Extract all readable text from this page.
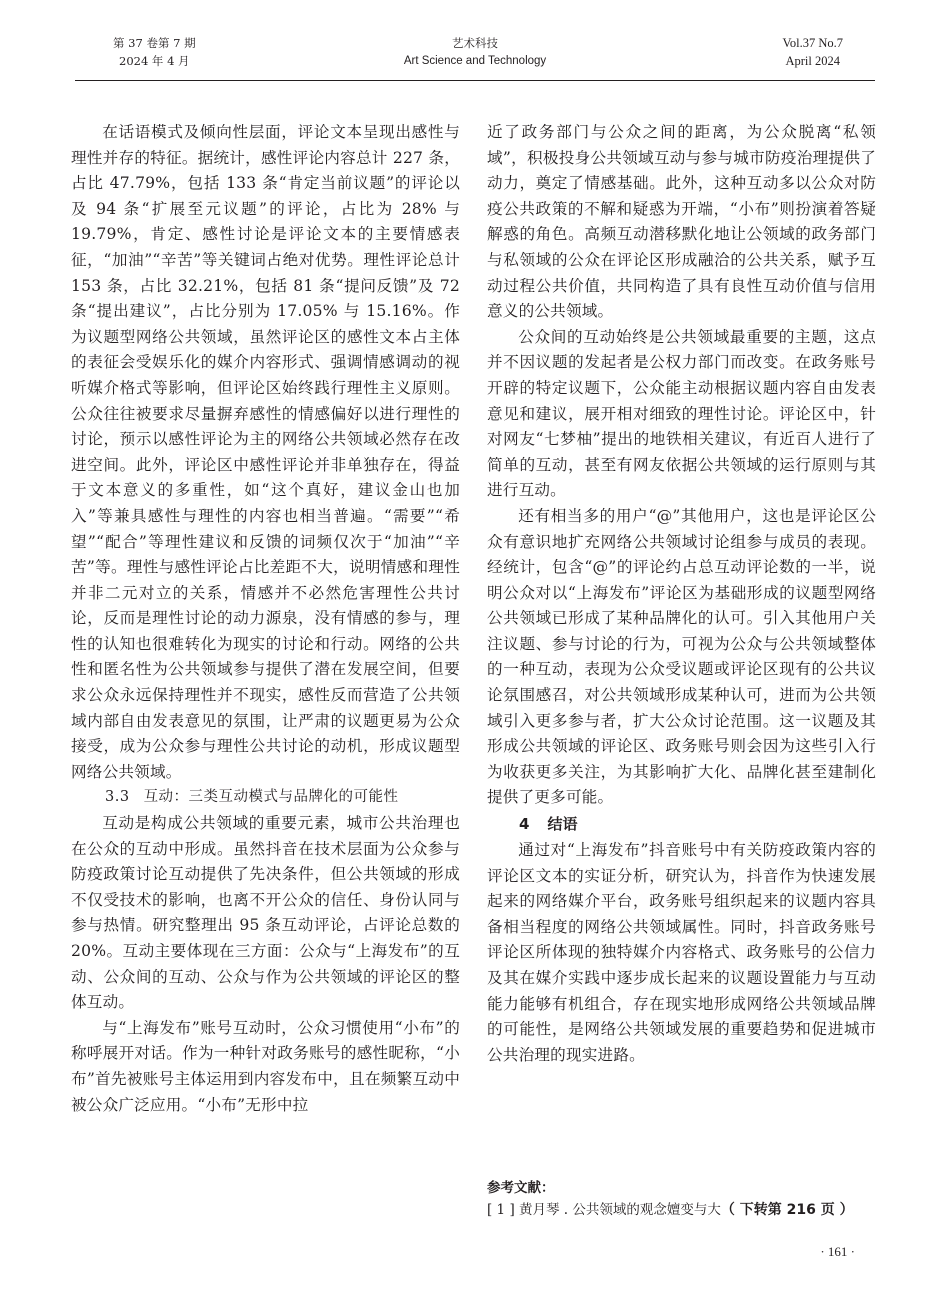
第 37 卷第 7 期
2024 年 4 月
艺术科技
Art Science and Technology
Vol.37 No.7
April 2024

在话语模式及倾向性层面，评论文本呈现出感性与理性并存的特征。据统计，感性评论内容总计 227 条，占比 47.79%，包括 133 条“肯定当前议题”的评论以及 94 条“扩展至元议题”的评论，占比为 28% 与 19.79%，肯定、感性讨论是评论文本的主要情感表征，“加油”“辛苦”等关键词占绝对优势。理性评论总计 153 条，占比 32.21%，包括 81 条“提问反馈”及 72 条“提出建议”，占比分别为 17.05% 与 15.16%。作为议题型网络公共领域，虽然评论区的感性文本占主体的表征会受娱乐化的媒介内容形式、强调情感调动的视听媒介格式等影响，但评论区始终践行理性主义原则。公众往往被要求尽量摒弃感性的情感偏好以进行理性的讨论，预示以感性评论为主的网络公共领域必然存在改进空间。此外，评论区中感性评论并非单独存在，得益于文本意义的多重性，如“这个真好，建议金山也加入”等兼具感性与理性的内容也相当普遍。“需要”“希望”“配合”等理性建议和反馈的词频仅次于“加油”“辛苦”等。理性与感性评论占比差距不大，说明情感和理性并非二元对立的关系，情感并不必然危害理性公共讨论，反而是理性讨论的动力源泉，没有情感的参与，理性的认知也很难转化为现实的讨论和行动。网络的公共性和匿名性为公共领域参与提供了潜在发展空间，但要求公众永远保持理性并不现实，感性反而营造了公共领域内部自由发表意见的氛围，让严肃的议题更易为公众接受，成为公众参与理性公共讨论的动机，形成议题型网络公共领域。

3.3 互动：三类互动模式与品牌化的可能性

互动是构成公共领域的重要元素，城市公共治理也在公众的互动中形成。虽然抖音在技术层面为公众参与防疫政策讨论互动提供了先决条件，但公共领域的形成不仅受技术的影响，也离不开公众的信任、身份认同与参与热情。研究整理出 95 条互动评论，占评论总数的 20%。互动主要体现在三方面：公众与“上海发布”的互动、公众间的互动、公众与作为公共领域的评论区的整体互动。

与“上海发布”账号互动时，公众习惯使用“小布”的称呼展开对话。作为一种针对政务账号的感性昵称，“小布”首先被账号主体运用到内容发布中，且在频繁互动中被公众广泛应用。“小布”无形中拉

近了政务部门与公众之间的距离，为公众脱离“私领域”，积极投身公共领域互动与参与城市防疫治理提供了动力，奠定了情感基础。此外，这种互动多以公众对防疫公共政策的不解和疑惑为开端，“小布”则扮演着答疑解惑的角色。高频互动潜移默化地让公领域的政务部门与私领域的公众在评论区形成融洽的公共关系，赋予互动过程公共价值，共同构造了具有良性互动价值与信用意义的公共领域。

公众间的互动始终是公共领域最重要的主题，这点并不因议题的发起者是公权力部门而改变。在政务账号开辟的特定议题下，公众能主动根据议题内容自由发表意见和建议，展开相对细致的理性讨论。评论区中，针对网友“七梦柚”提出的地铁相关建议，有近百人进行了简单的互动，甚至有网友依据公共领域的运行原则与其进行互动。

还有相当多的用户“@”其他用户，这也是评论区公众有意识地扩充网络公共领域讨论组参与成员的表现。经统计，包含“@”的评论约占总互动评论数的一半，说明公众对以“上海发布”评论区为基础形成的议题型网络公共领域已形成了某种品牌化的认可。引入其他用户关注议题、参与讨论的行为，可视为公众与公共领域整体的一种互动，表现为公众受议题或评论区现有的公共议论氛围感召，对公共领域形成某种认可，进而为公共领域引入更多参与者，扩大公众讨论范围。这一议题及其形成公共领域的评论区、政务账号则会因为这些引入行为收获更多关注，为其影响扩大化、品牌化甚至建制化提供了更多可能。

4 结语

通过对“上海发布”抖音账号中有关防疫政策内容的评论区文本的实证分析，研究认为，抖音作为快速发展起来的网络媒介平台，政务账号组织起来的议题内容具备相当程度的网络公共领域属性。同时，抖音政务账号评论区所体现的独特媒介内容格式、政务账号的公信力及其在媒介实践中逐步成长起来的议题设置能力与互动能力能够有机组合，存在现实地形成网络公共领域品牌的可能性，是网络公共领域发展的重要趋势和促进城市公共治理的现实进路。

参考文献：
[ 1 ] 黄月琴 . 公共领域的观念嬗变与大（ 下转第 216 页 ）
· 161 ·
